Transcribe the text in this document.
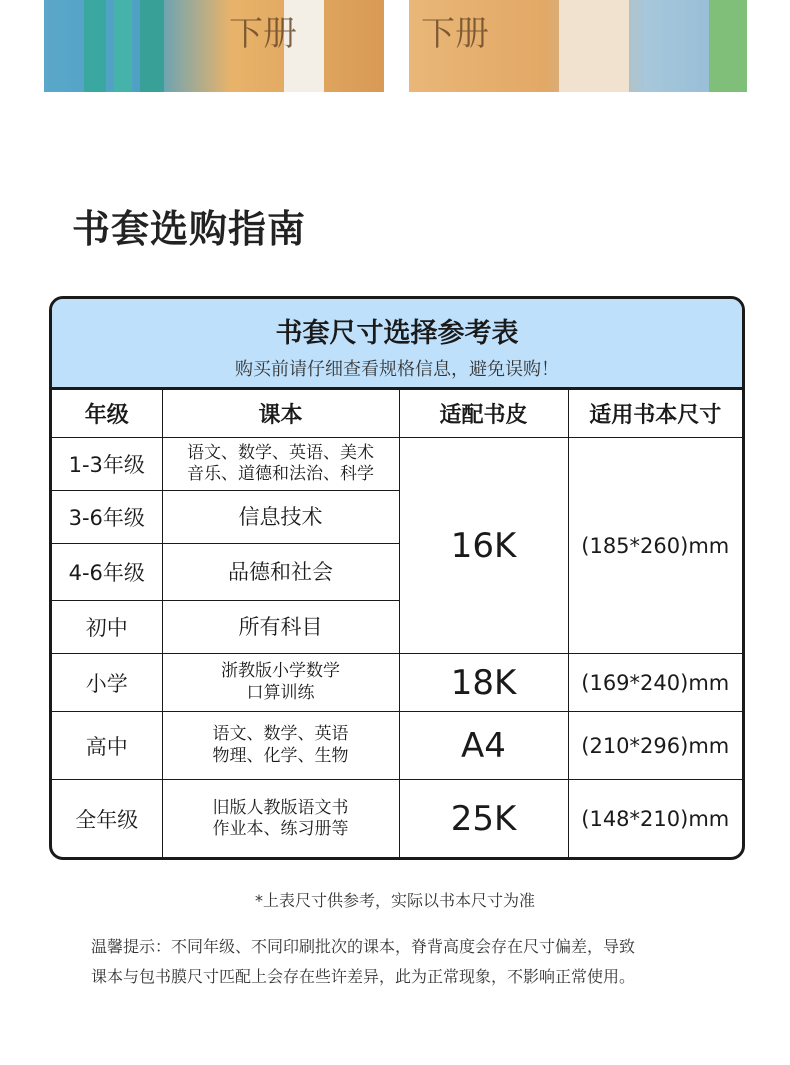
下册	下册
书套选购指南
书套尺寸选择参考表
购买前请仔细查看规格信息，避免误购！
年级	课本	适配书皮	适用书本尺寸
1-3年级	语文、数学、英语、美术
音乐、道德和法治、科学	16K	(185*260)mm
3-6年级	信息技术		

4-6年级	品德和社会		

初中	所有科目		

小学	浙教版小学数学
口算训练	18K	(169*240)mm
高中	语文、数学、英语
物理、化学、生物	A4	(210*296)mm
全年级	旧版人教版语文书
作业本、练习册等	25K	(148*210)mm
*上表尺寸供参考，实际以书本尺寸为准
温馨提示：不同年级、不同印刷批次的课本，脊背高度会存在尺寸偏差，导致
课本与包书膜尺寸匹配上会存在些许差异，此为正常现象，不影响正常使用。
